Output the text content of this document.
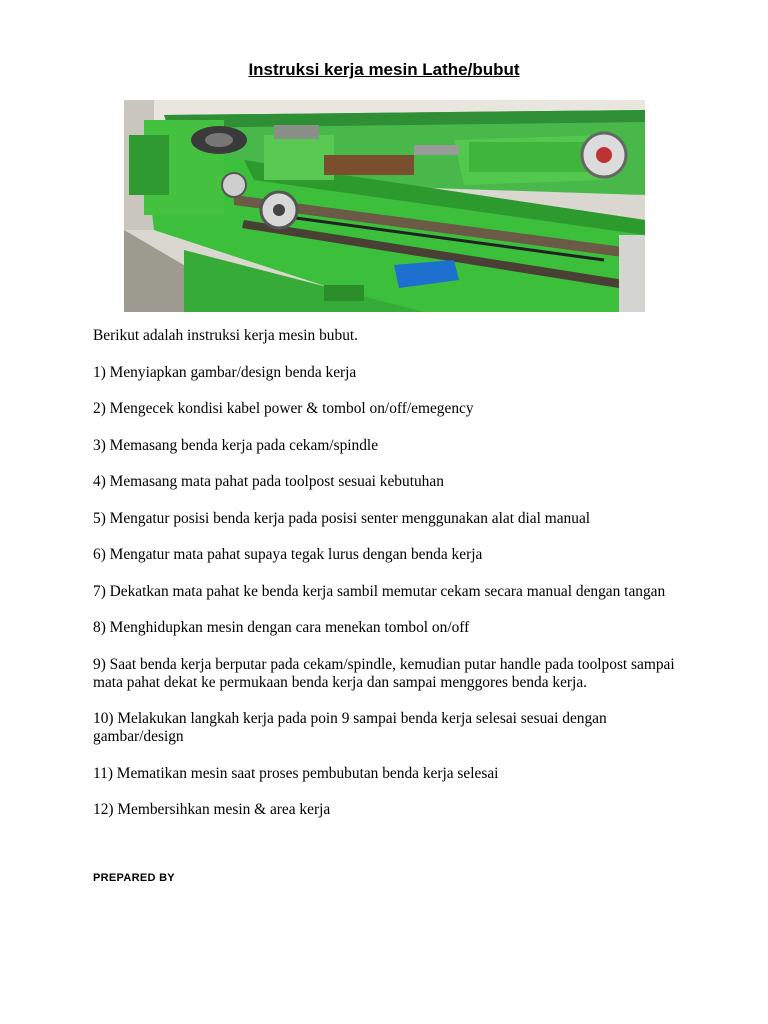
Instruksi kerja mesin Lathe/bubut

Berikut adalah instruksi kerja mesin bubut.

1) Menyiapkan gambar/design benda kerja

2) Mengecek kondisi kabel power & tombol on/off/emegency

3) Memasang benda kerja pada cekam/spindle

4) Memasang mata pahat pada toolpost sesuai kebutuhan

5) Mengatur posisi benda kerja pada posisi senter menggunakan alat dial manual

6) Mengatur mata pahat supaya tegak lurus dengan benda kerja

7) Dekatkan mata pahat ke benda kerja sambil memutar cekam secara manual dengan tangan

8) Menghidupkan mesin dengan cara menekan tombol on/off

9) Saat benda kerja berputar pada cekam/spindle, kemudian putar handle pada toolpost sampai mata pahat dekat ke permukaan benda kerja dan sampai menggores benda kerja.

10) Melakukan langkah kerja pada poin 9 sampai benda kerja selesai sesuai dengan gambar/design

11) Mematikan mesin saat proses pembubutan benda kerja selesai

12) Membersihkan mesin & area kerja

PREPARED BY
